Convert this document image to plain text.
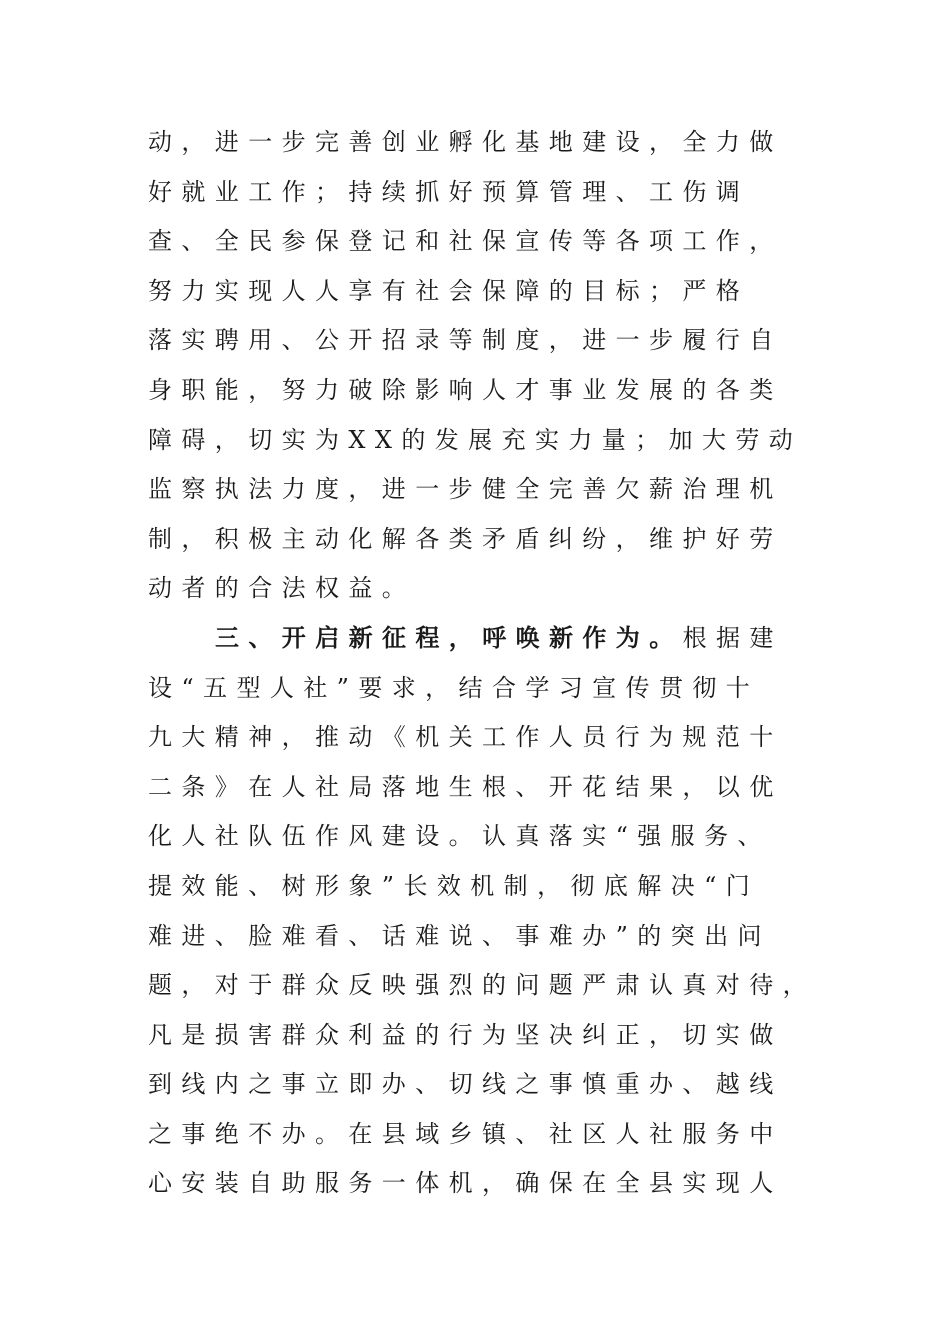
动，进一步完善创业孵化基地建设，全力做
好就业工作；持续抓好预算管理、工伤调
查、全民参保登记和社保宣传等各项工作，
努力实现人人享有社会保障的目标；严格
落实聘用、公开招录等制度，进一步履行自
身职能，努力破除影响人才事业发展的各类
障碍，切实为XX的发展充实力量；加大劳动
监察执法力度，进一步健全完善欠薪治理机
制，积极主动化解各类矛盾纠纷，维护好劳
动者的合法权益。
三、开启新征程，呼唤新作为。根据建
设“五型人社”要求，结合学习宣传贯彻十
九大精神，推动《机关工作人员行为规范十
二条》在人社局落地生根、开花结果，以优
化人社队伍作风建设。认真落实“强服务、
提效能、树形象”长效机制，彻底解决“门
难进、脸难看、话难说、事难办”的突出问
题，对于群众反映强烈的问题严肃认真对待，
凡是损害群众利益的行为坚决纠正，切实做
到线内之事立即办、切线之事慎重办、越线
之事绝不办。在县域乡镇、社区人社服务中
心安装自助服务一体机，确保在全县实现人
